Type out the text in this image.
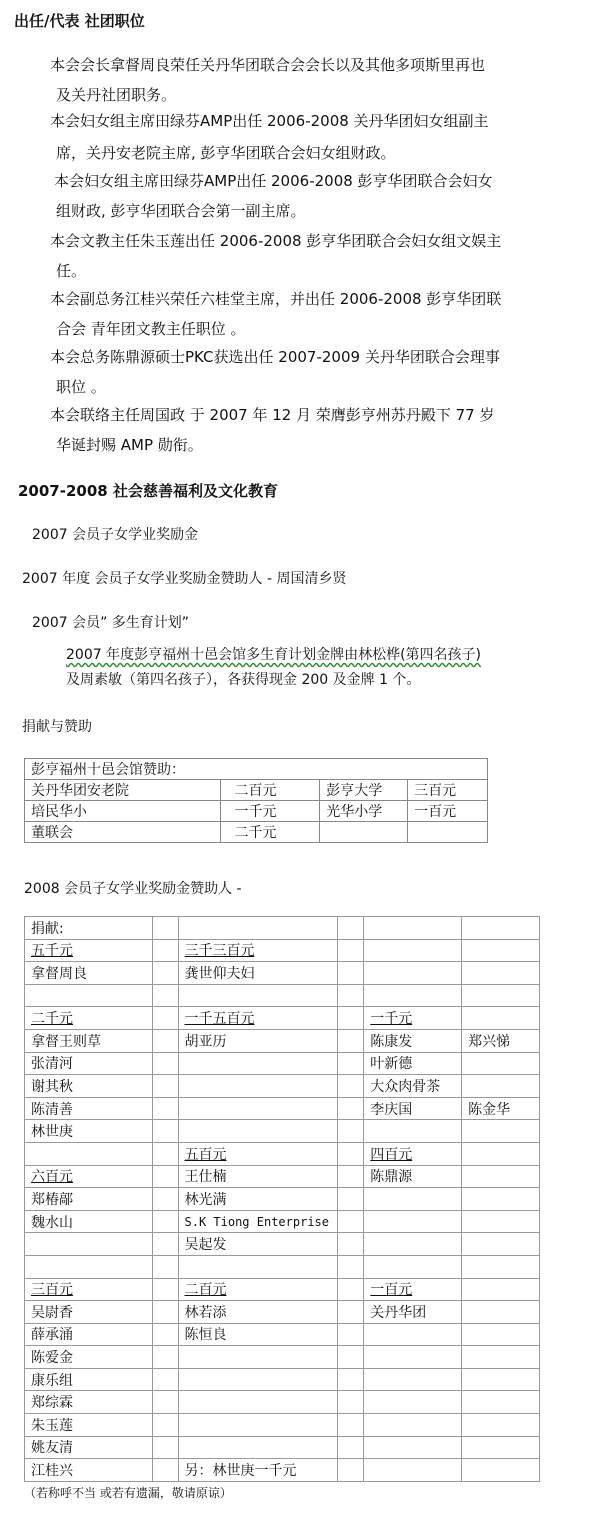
出任/代表 社团职位
本会会长拿督周良荣任关丹华团联合会会长以及其他多项斯里再也
及关丹社团职务。
本会妇女组主席田绿芬AMP出任 2006-2008 关丹华团妇女组副主
席，关丹安老院主席, 彭亨华团联合会妇女组财政。
本会妇女组主席田绿芬AMP出任 2006-2008 彭亨华团联合会妇女
组财政, 彭亨华团联合会第一副主席。
本会文教主任朱玉莲出任 2006-2008 彭亨华团联合会妇女组文娱主
任。
本会副总务江桂兴荣任六桂堂主席，并出任 2006-2008 彭亨华团联
合会 青年团文教主任职位 。
本会总务陈鼎源硕士PKC获选出任 2007-2009 关丹华团联合会理事
职位 。
本会联络主任周国政 于 2007 年 12 月 荣膺彭亨州苏丹殿下 77 岁
华诞封赐 AMP 勋衔。
2007-2008 社会慈善福利及文化教育
2007 会员子女学业奖励金
2007 年度 会员子女学业奖励金赞助人 - 周国清乡贤
2007 会员” 多生育计划”
2007 年度彭亨福州十邑会馆多生育计划金牌由林松桦(第四名孩子)
及周素敏（第四名孩子），各获得现金 200 及金牌 1 个。
捐献与赞助
彭亨福州十邑会馆赞助：			
关丹华团安老院	二百元	彭亨大学	三百元
培民华小	一千元	光华小学	一百元
董联会	二千元		
2008 会员子女学业奖励金赞助人 -
捐献:					
五千元		三千三百元			
拿督周良		龚世仰夫妇			

二千元		一千五百元		一千元	
拿督王则草		胡亚历		陈康发	郑兴悌
张清河				叶新德	
谢其秋				大众肉骨茶	
陈清善				李庆国	陈金华
林世庚					
		五百元		四百元	
六百元		王仕楠		陈鼎源	
郑椿鄗		林光满			
魏水山		S.K Tiong Enterprise			
		吴起发			

三百元		二百元		一百元	
吴尉香		林若添		关丹华团	
薛承涌		陈恒良			
陈爱金					
康乐组					
郑综霖					
朱玉莲					
姚友清					
江桂兴		另：林世庚一千元			
（若称呼不当 或若有遗漏，敬请原谅）
